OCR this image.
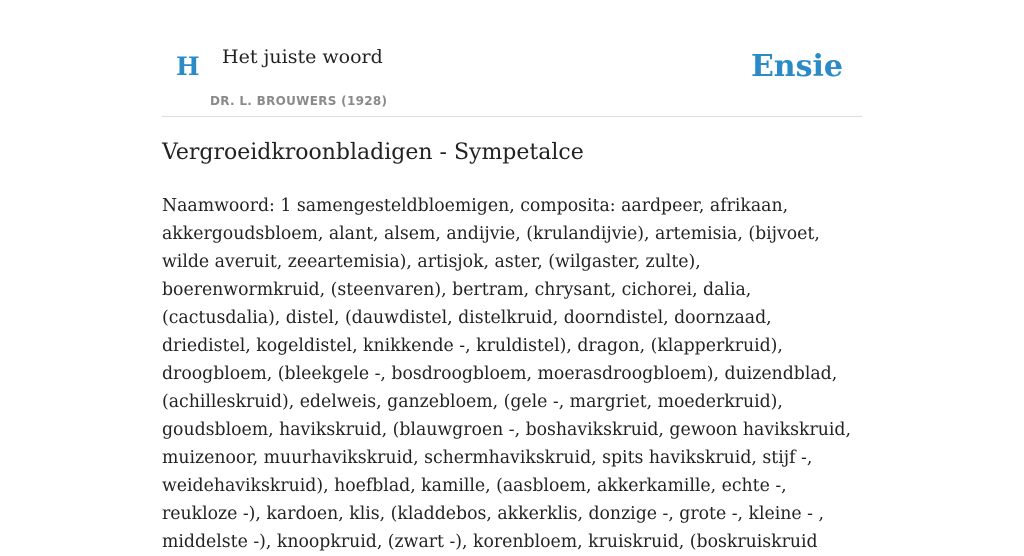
H Het juiste woord
DR. L. BROUWERS (1928)
Ensie
Vergroeidkroonbladigen - Sympetalce

Naamwoord: 1 samengesteldbloemigen, composita: aardpeer, afrikaan, akkergoudsbloem, alant, alsem, andijvie, (krulandijvie), artemisia, (bijvoet, wilde averuit, zeeartemisia), artisjok, aster, (wilgaster, zulte), boerenwormkruid, (steenvaren), bertram, chrysant, cichorei, dalia, (cactusdalia), distel, (dauwdistel, distelkruid, doorndistel, doornzaad, driedistel, kogeldistel, knikkende -, kruldistel), dragon, (klapperkruid), droogbloem, (bleekgele -, bosdroogbloem, moerasdroogbloem), duizendblad, (achilleskruid), edelweis, ganzebloem, (gele -, margriet, moederkruid), goudsbloem, havikskruid, (blauwgroen -, boshavikskruid, gewoon havikskruid, muizenoor, muurhavikskruid, schermhavikskruid, spits havikskruid, stijf -, weidehavikskruid), hoefblad, kamille, (aasbloem, akkerkamille, echte -, reukloze -), kardoen, klis, (kladdebos, akkerklis, donzige -, grote -, kleine - , middelste -), knoopkruid, (zwart -), korenbloem, kruiskruid, (boskruiskruid
